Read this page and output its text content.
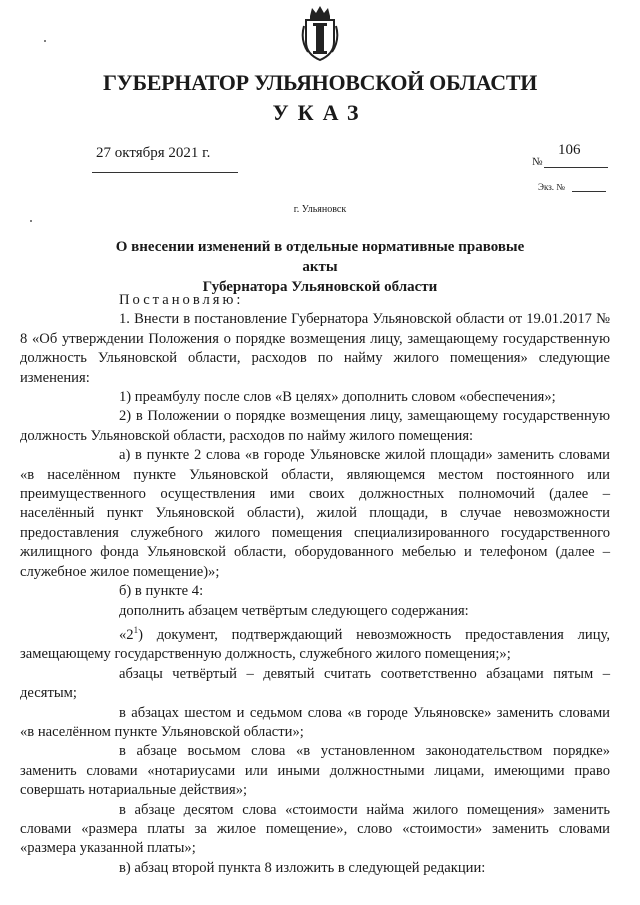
ГУБЕРНАТОР УЛЬЯНОВСКОЙ ОБЛАСТИ
УКАЗ
27 октября 2021 г.
№
106
Экз. №
г. Ульяновск
О внесении изменений в отдельные нормативные правовые акты
Губернатора Ульяновской области

Постановляю:

1. Внести в постановление Губернатора Ульяновской области от 19.01.2017 № 8 «Об утверждении Положения о порядке возмещения лицу, замещающему государственную должность Ульяновской области, расходов по найму жилого помещения» следующие изменения:

1) преамбулу после слов «В целях» дополнить словом «обеспечения»;

2) в Положении о порядке возмещения лицу, замещающему государственную должность Ульяновской области, расходов по найму жилого помещения:

а) в пункте 2 слова «в городе Ульяновске жилой площади» заменить словами «в населённом пункте Ульяновской области, являющемся местом постоянного или преимущественного осуществления ими своих должностных полномочий (далее – населённый пункт Ульяновской области), жилой площади, в случае невозможности предоставления служебного жилого помещения специализированного государственного жилищного фонда Ульяновской области, оборудованного мебелью и телефоном (далее – служебное жилое помещение)»;

б) в пункте 4:

дополнить абзацем четвёртым следующего содержания:

«$2^1$) документ, подтверждающий невозможность предоставления лицу, замещающему государственную должность, служебного жилого помещения;»;

абзацы четвёртый – девятый считать соответственно абзацами пятым – десятым;

в абзацах шестом и седьмом слова «в городе Ульяновске» заменить словами «в населённом пункте Ульяновской области»;

в абзаце восьмом слова «в установленном законодательством порядке» заменить словами «нотариусами или иными должностными лицами, имеющими право совершать нотариальные действия»;

в абзаце десятом слова «стоимости найма жилого помещения» заменить словами «размера платы за жилое помещение», слово «стоимости» заменить словами «размера указанной платы»;

в) абзац второй пункта 8 изложить в следующей редакции:
